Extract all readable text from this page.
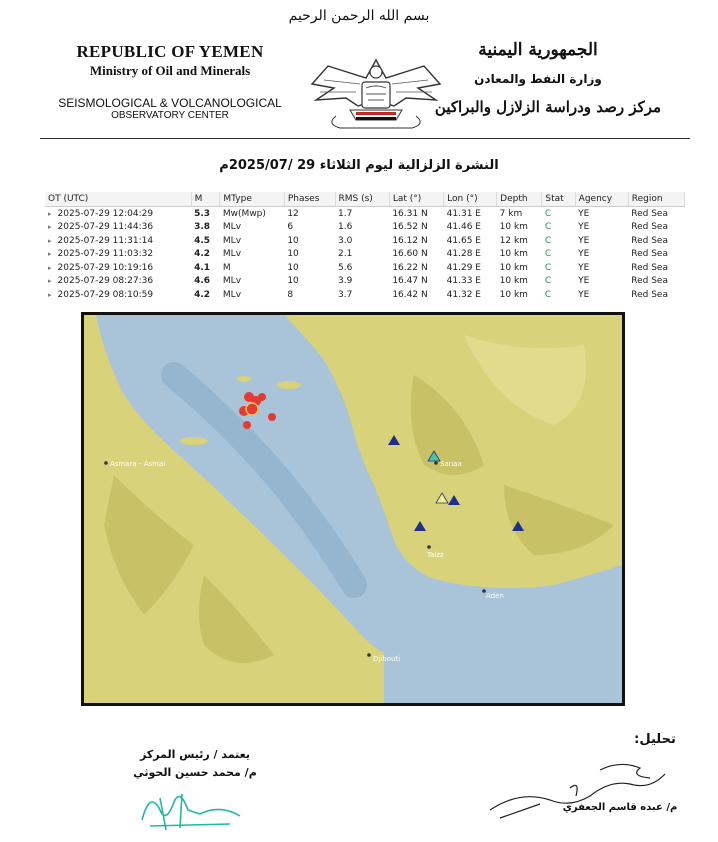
بسم الله الرحمن الرحيم
REPUBLIC OF YEMEN
Ministry of Oil and Minerals
SEISMOLOGICAL & VOLCANOLOGICAL
OBSERVATORY CENTER
الجمهورية اليمنية
وزارة النفط والمعادن
مركز رصد ودراسة الزلازل والبراكين
النشرة الزلزالية ليوم الثلاثاء 29 /2025/07م
OT (UTC)	M	MType	Phases	RMS (s)	Lat (°)	Lon (°)	Depth	Stat	Agency	Region
▸ 2025-07-29 12:04:29	5.3	Mw(Mwp)	12	1.7	16.31 N	41.31 E	7 km	C	YE	Red Sea
▸ 2025-07-29 11:44:36	3.8	MLv	6	1.6	16.52 N	41.46 E	10 km	C	YE	Red Sea
▸ 2025-07-29 11:31:14	4.5	MLv	10	3.0	16.12 N	41.65 E	12 km	C	YE	Red Sea
▸ 2025-07-29 11:03:32	4.2	MLv	10	2.1	16.60 N	41.28 E	10 km	C	YE	Red Sea
▸ 2025-07-29 10:19:16	4.1	M	10	5.6	16.22 N	41.29 E	10 km	C	YE	Red Sea
▸ 2025-07-29 08:27:36	4.6	MLv	10	3.9	16.47 N	41.33 E	10 km	C	YE	Red Sea
▸ 2025-07-29 08:10:59	4.2	MLv	8	3.7	16.42 N	41.32 E	10 km	C	YE	Red Sea
Asmara - Asmai	Sanaa
Taizz
Aden
Djibouti
يعتمد / رئيس المركز
م/ محمد حسين الحوثي
تحليل:
م/ عبده قاسم الجعفري
